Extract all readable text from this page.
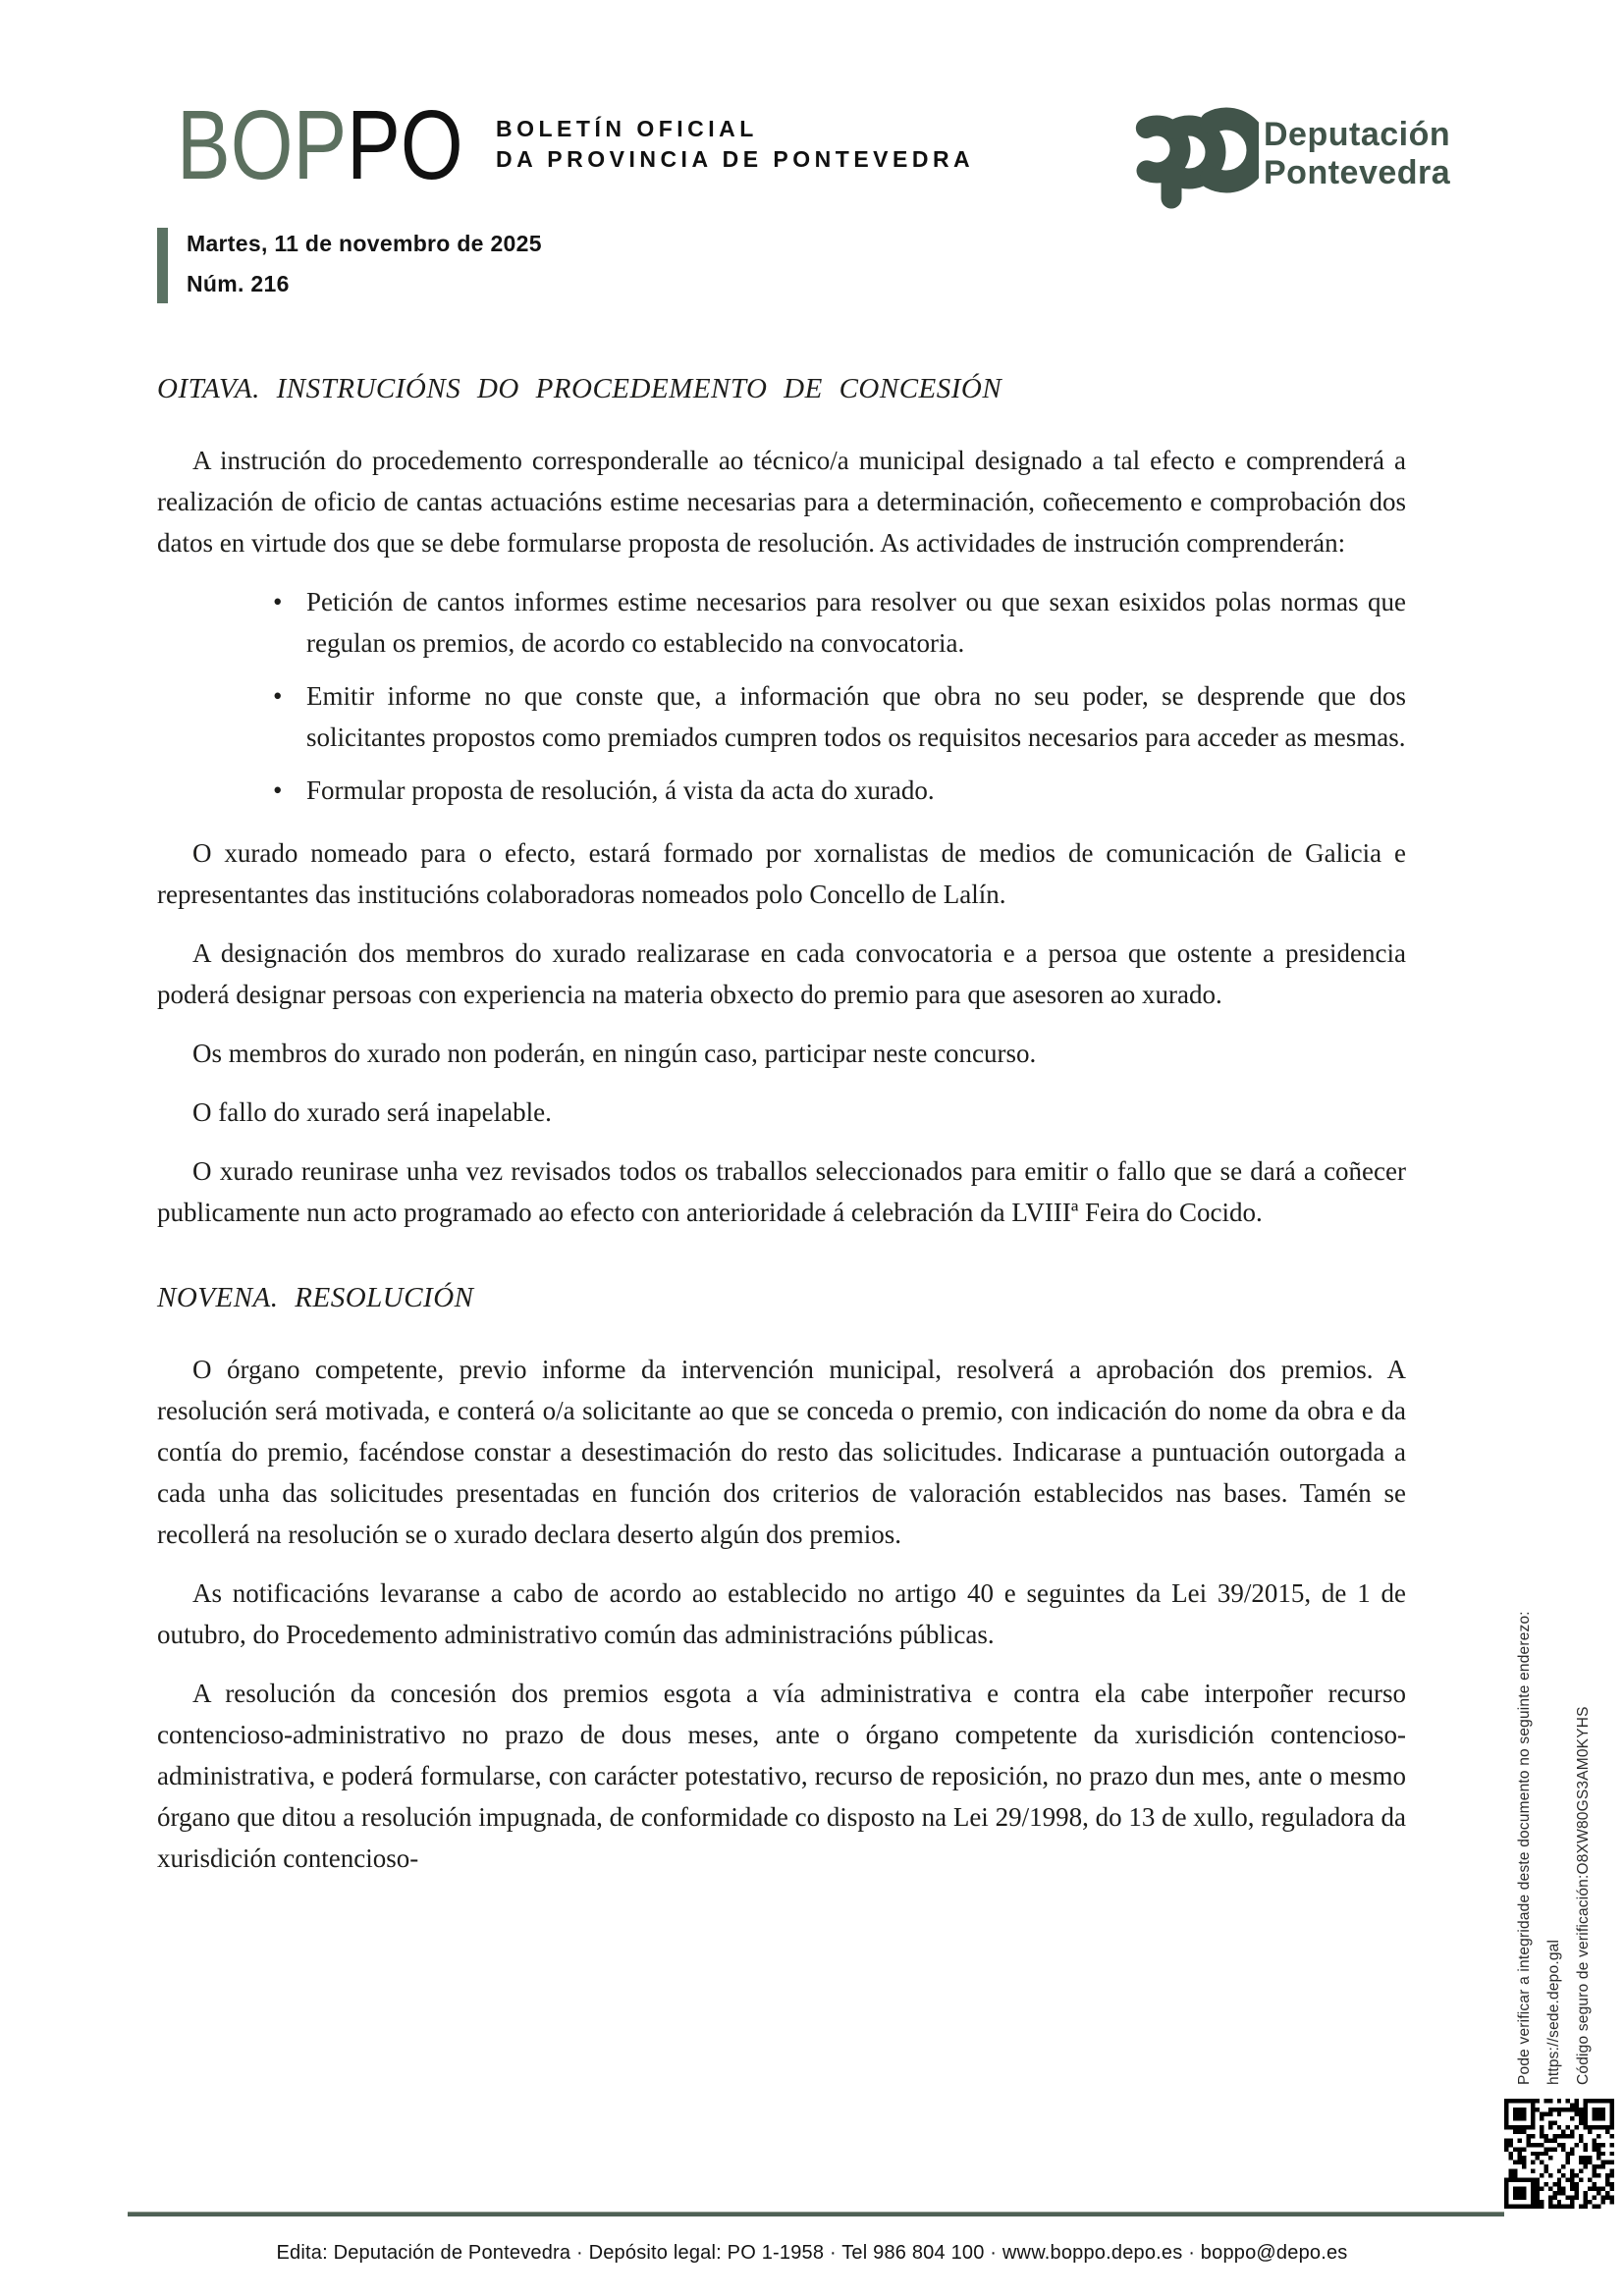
BOPPO BOLETÍN OFICIAL
DA PROVINCIA DE PONTEVEDRA
Deputación
Pontevedra
Martes, 11 de novembro de 2025
Núm. 216
OITAVA. INSTRUCIÓNS DO PROCEDEMENTO DE CONCESIÓN

A instrución do procedemento corresponderalle ao técnico/a municipal designado a tal efecto e comprenderá a realización de oficio de cantas actuacións estime necesarias para a determinación, coñecemento e comprobación dos datos en virtude dos que se debe formularse proposta de resolución. As actividades de instrución comprenderán:

• Petición de cantos informes estime necesarios para resolver ou que sexan esixidos polas normas que regulan os premios, de acordo co establecido na convocatoria.
• Emitir informe no que conste que, a información que obra no seu poder, se desprende que dos solicitantes propostos como premiados cumpren todos os requisitos necesarios para acceder as mesmas.
• Formular proposta de resolución, á vista da acta do xurado.

O xurado nomeado para o efecto, estará formado por xornalistas de medios de comunicación de Galicia e representantes das institucións colaboradoras nomeados polo Concello de Lalín.

A designación dos membros do xurado realizarase en cada convocatoria e a persoa que ostente a presidencia poderá designar persoas con experiencia na materia obxecto do premio para que asesoren ao xurado.

Os membros do xurado non poderán, en ningún caso, participar neste concurso.

O fallo do xurado será inapelable.

O xurado reunirase unha vez revisados todos os traballos seleccionados para emitir o fallo que se dará a coñecer publicamente nun acto programado ao efecto con anterioridade á celebración da LVIIIª Feira do Cocido.

NOVENA. RESOLUCIÓN

O órgano competente, previo informe da intervención municipal, resolverá a aprobación dos premios. A resolución será motivada, e conterá o/a solicitante ao que se conceda o premio, con indicación do nome da obra e da contía do premio, facéndose constar a desestimación do resto das solicitudes. Indicarase a puntuación outorgada a cada unha das solicitudes presentadas en función dos criterios de valoración establecidos nas bases. Tamén se recollerá na resolución se o xurado declara deserto algún dos premios.

As notificacións levaranse a cabo de acordo ao establecido no artigo 40 e seguintes da Lei 39/2015, de 1 de outubro, do Procedemento administrativo común das administracións públicas.

A resolución da concesión dos premios esgota a vía administrativa e contra ela cabe interpoñer recurso contencioso-administrativo no prazo de dous meses, ante o órgano competente da xurisdición contencioso-administrativa, e poderá formularse, con carácter potestativo, recurso de reposición, no prazo dun mes, ante o mesmo órgano que ditou a resolución impugnada, de conformidade co disposto na Lei 29/1998, do 13 de xullo, reguladora da xurisdición contencioso-	Pode verificar a integridade deste documento no seguinte enderezo: https://sede.depo.gal Código seguro de verificación:O8XW80GS3AM0KYHS
Edita: Deputación de Pontevedra · Depósito legal: PO 1-1958 · Tel 986 804 100 · www.boppo.depo.es · boppo@depo.es
